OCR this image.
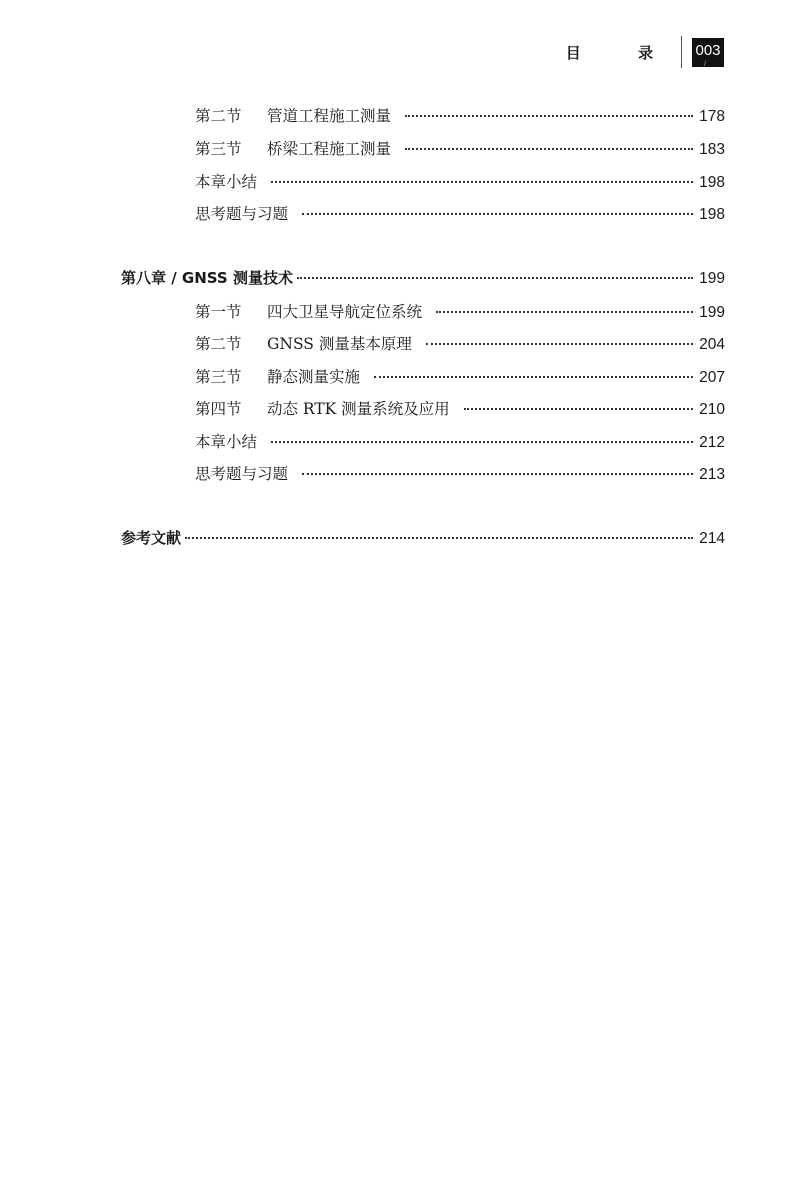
目 录 003 /
第二节	管道工程施工测量	178
第三节	桥梁工程施工测量	183
本章小结	198
思考题与习题	198
第八章 / GNSS 测量技术	199
第一节	四大卫星导航定位系统	199
第二节	GNSS 测量基本原理	204
第三节	静态测量实施	207
第四节	动态 RTK 测量系统及应用	210
本章小结	212
思考题与习题	213
参考文献	214
